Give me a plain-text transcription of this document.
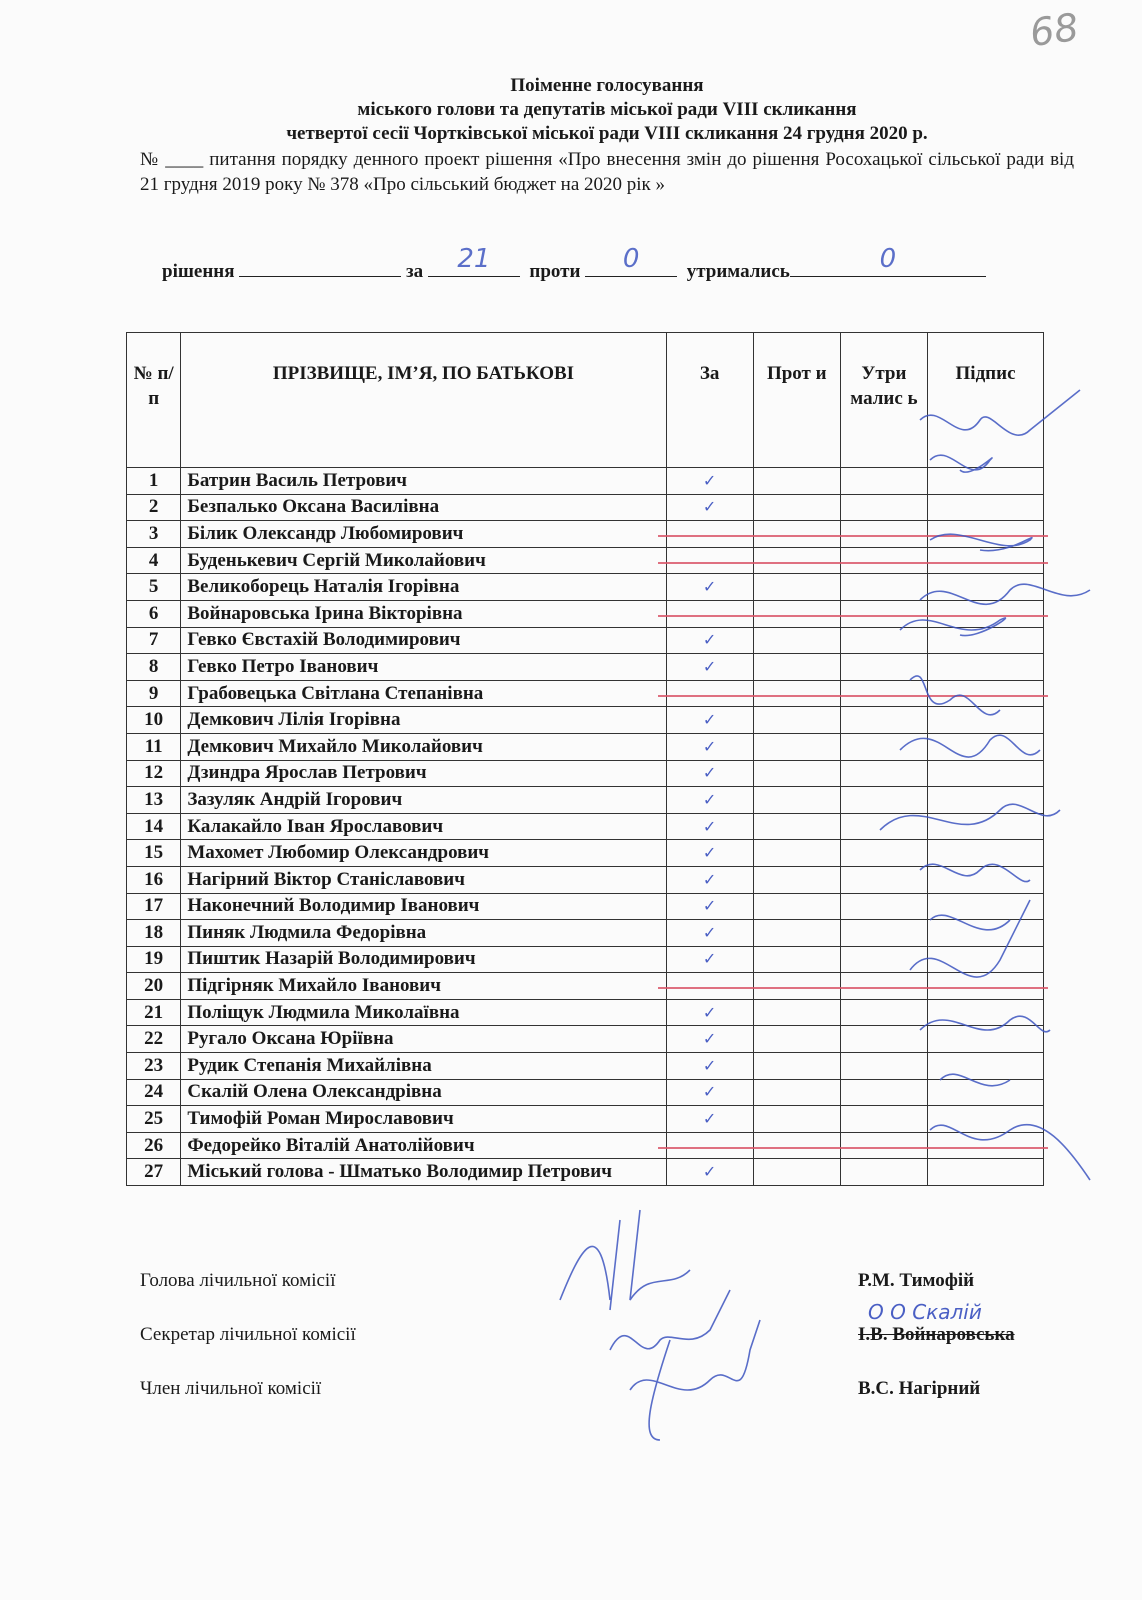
68
Поіменне голосування
міського голови та депутатів міської ради VIII скликання
четвертої сесії Чортківської міської ради VIII скликання 24 грудня 2020 р.
№ ____ питання порядку денного проект рішення «Про внесення змін до рішення Росохацької сільської ради від 21 грудня 2019 року № 378 «Про сільський бюджет на 2020 рік »
рішення	за	21	проти	0	утримались	0
№ п/п	ПРІЗВИЩЕ, ІМ’Я, ПО БАТЬКОВІ	За	Прот и	Утри малис ь	Підпис
1	Батрин Василь Петрович	✓			
2	Безпалько Оксана Василівна	✓			
3	Білик Олександр Любомирович				
4	Буденькевич Сергій Миколайович				
5	Великоборець Наталія Ігорівна	✓			
6	Войнаровська Ірина Вікторівна				
7	Гевко Євстахій Володимирович	✓			
8	Гевко Петро Іванович	✓			
9	Грабовецька Світлана Степанівна				
10	Демкович Лілія Ігорівна	✓			
11	Демкович Михайло Миколайович	✓			
12	Дзиндра Ярослав Петрович	✓			
13	Зазуляк Андрій Ігорович	✓			
14	Калакайло Іван Ярославович	✓			
15	Махомет Любомир Олександрович	✓			
16	Нагірний Віктор Станіславович	✓			
17	Наконечний Володимир Іванович	✓			
18	Пиняк Людмила Федорівна	✓			
19	Пиштик Назарій Володимирович	✓			
20	Підгірняк Михайло Іванович				
21	Поліщук Людмила Миколаївна	✓			
22	Ругало Оксана Юріївна	✓			
23	Рудик Степанія Михайлівна	✓			
24	Скалій Олена Олександрівна	✓			
25	Тимофій Роман Мирославович	✓			
26	Федорейко Віталій Анатолійович				
27	Міський голова - Шматько Володимир Петрович	✓			
Голова лічильної комісії
Секретар лічильної комісії
Член лічильної комісії
Р.М. Тимофій
О О Скалій
І.В. Войнаровська
В.С. Нагірний
